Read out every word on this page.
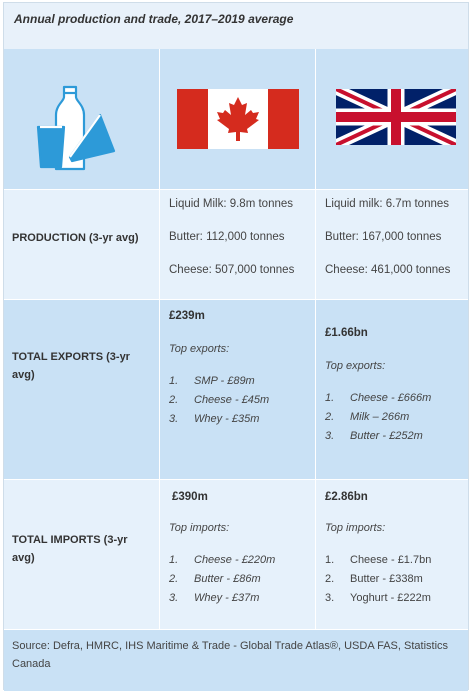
Annual production and trade, 2017–2019 average
PRODUCTION (3-yr avg)
Liquid Milk: 9.8m tonnes
Butter: 112,000 tonnes
Cheese: 507,000 tonnes
Liquid milk: 6.7m tonnes
Butter: 167,000 tonnes
Cheese: 461,000 tonnes
TOTAL EXPORTS (3-yr avg)
£239m
Top exports:
1. SMP - £89m
2. Cheese - £45m
3. Whey - £35m
£1.66bn
Top exports:
1. Cheese - £666m
2. Milk – 266m
3. Butter - £252m
TOTAL IMPORTS (3-yr avg)
£390m
Top imports:
1. Cheese - £220m
2. Butter - £86m
3. Whey - £37m
£2.86bn
Top imports:
1. Cheese - £1.7bn
2. Butter - £338m
3. Yoghurt - £222m
Source: Defra, HMRC, IHS Maritime & Trade - Global Trade Atlas®, USDA FAS, Statistics Canada
